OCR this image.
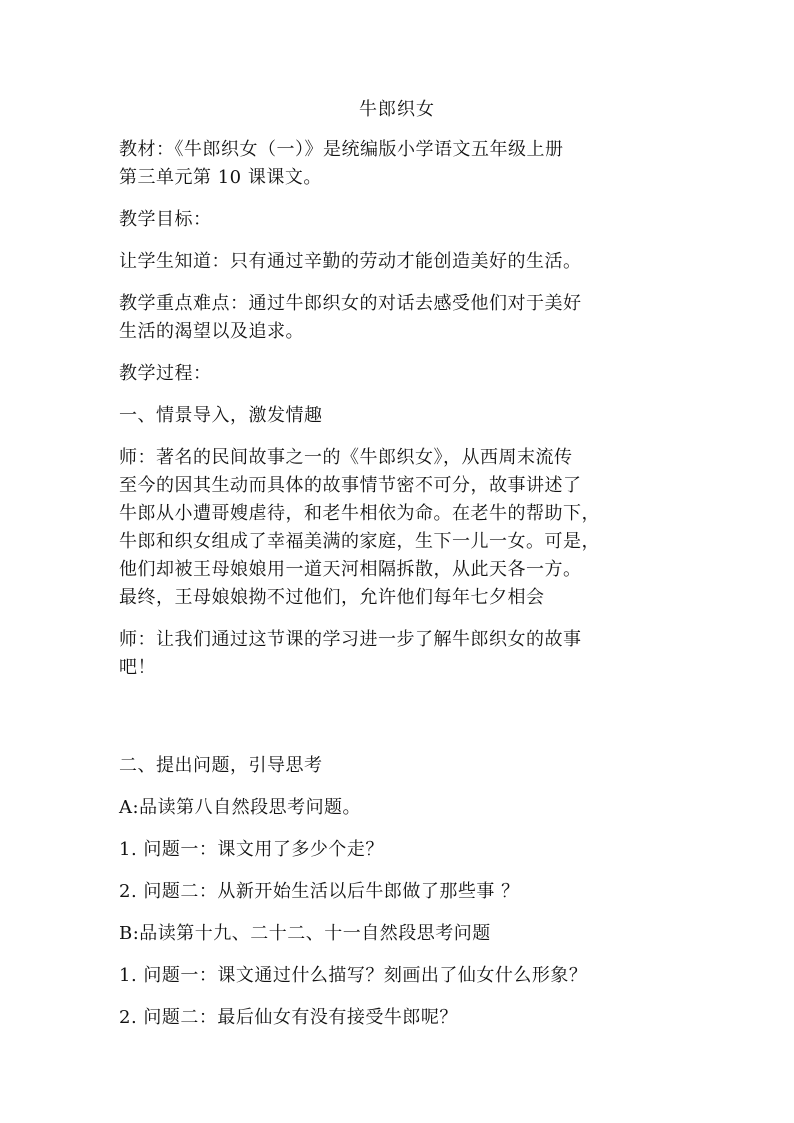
牛郎织女

教材：《牛郎织女（一）》是统编版小学语文五年级上册
第三单元第 10 课课文。

教学目标：

让学生知道：只有通过辛勤的劳动才能创造美好的生活。

教学重点难点：通过牛郎织女的对话去感受他们对于美好
生活的渴望以及追求。

教学过程：

一、情景导入，激发情趣

师：著名的民间故事之一的《牛郎织女》，从西周末流传
至今的因其生动而具体的故事情节密不可分，故事讲述了
牛郎从小遭哥嫂虐待，和老牛相依为命。在老牛的帮助下，
牛郎和织女组成了幸福美满的家庭，生下一儿一女。可是，
他们却被王母娘娘用一道天河相隔拆散，从此天各一方。
最终，王母娘娘拗不过他们，允许他们每年七夕相会

师：让我们通过这节课的学习进一步了解牛郎织女的故事
吧！

二、提出问题，引导思考

A:品读第八自然段思考问题。

1. 问题一：课文用了多少个走？

2. 问题二：从新开始生活以后牛郎做了那些事 ？

B:品读第十九、二十二、十一自然段思考问题

1. 问题一：课文通过什么描写？刻画出了仙女什么形象？

2. 问题二：最后仙女有没有接受牛郎呢？
